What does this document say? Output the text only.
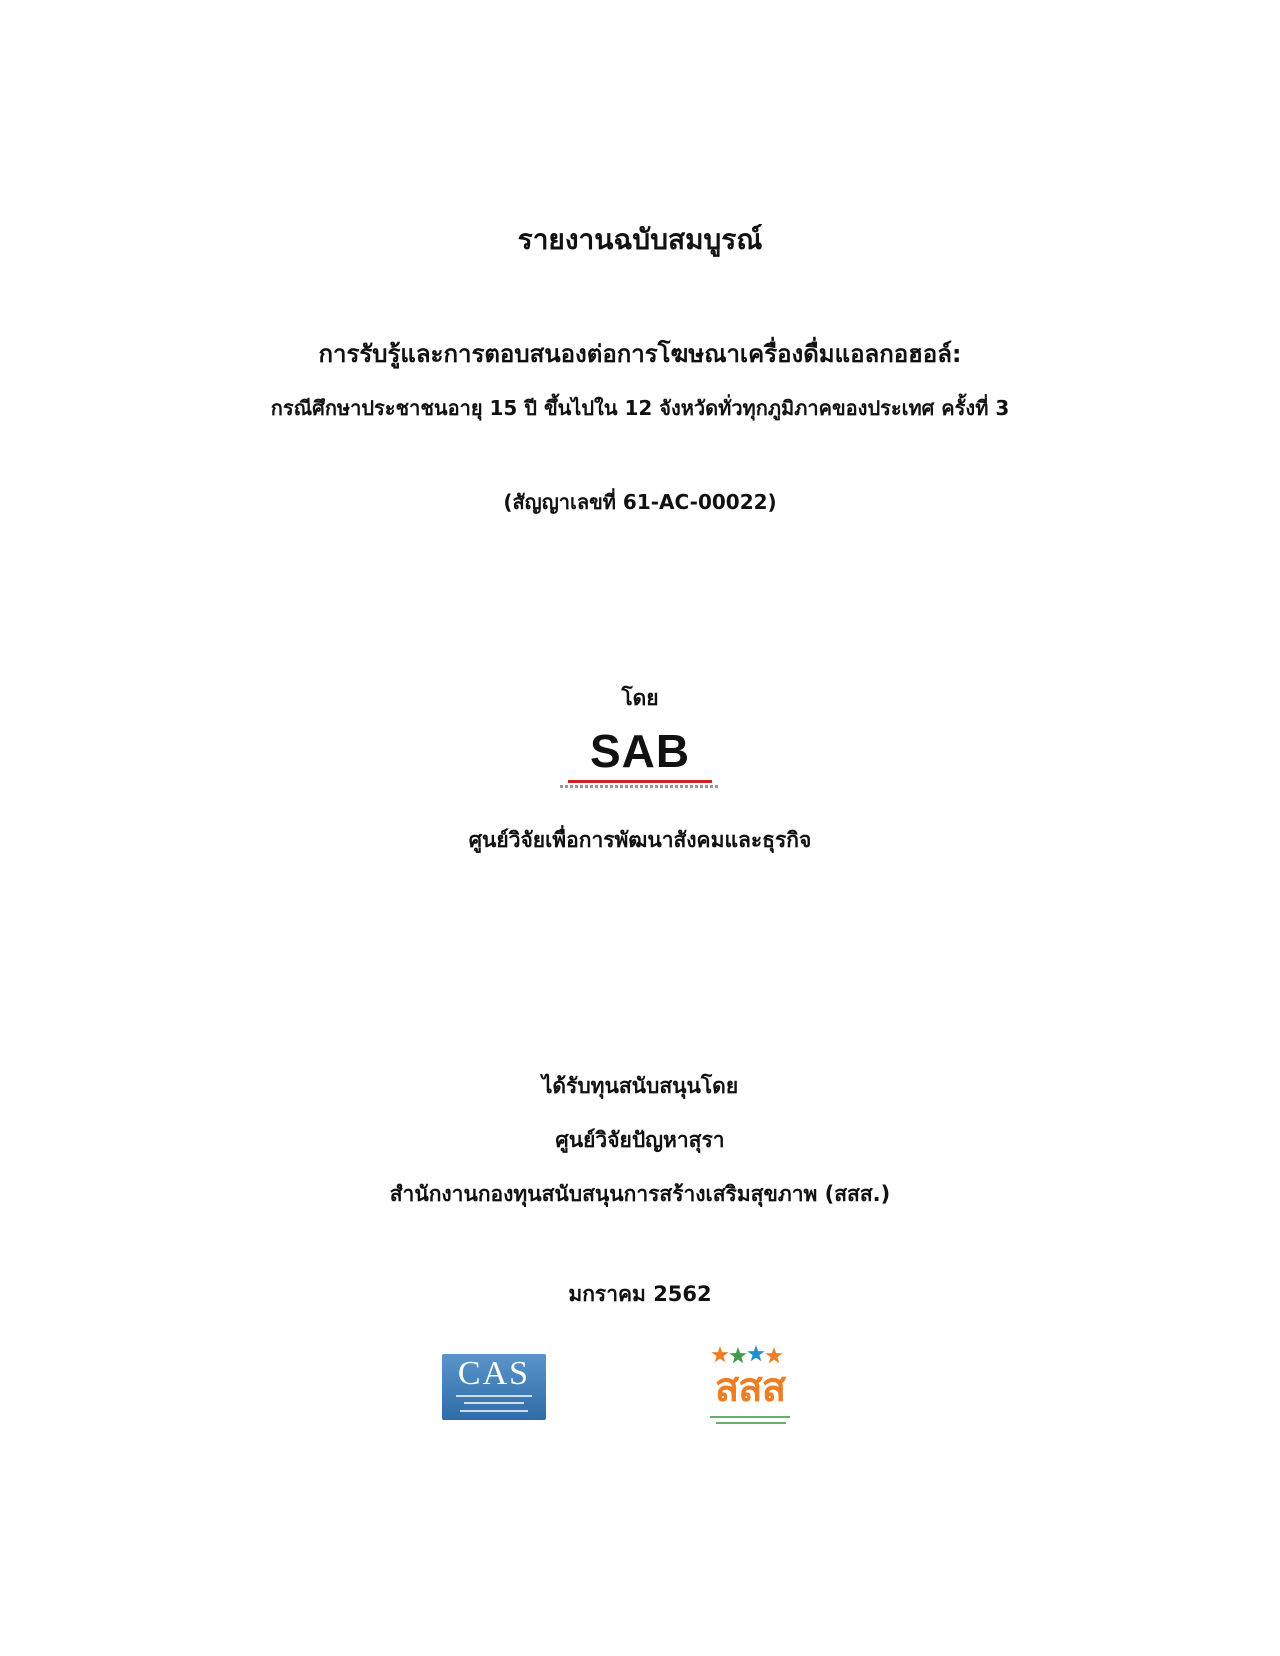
รายงานฉบับสมบูรณ์
การรับรู้และการตอบสนองต่อการโฆษณาเครื่องดื่มแอลกอฮอล์:
กรณีศึกษาประชาชนอายุ 15 ปี ขึ้นไปใน 12 จังหวัดทั่วทุกภูมิภาคของประเทศ ครั้งที่ 3
(สัญญาเลขที่ 61-AC-00022)
โดย
SAB
ศูนย์วิจัยเพื่อการพัฒนาสังคมและธุรกิจ
ได้รับทุนสนับสนุนโดย
ศูนย์วิจัยปัญหาสุรา
สำนักงานกองทุนสนับสนุนการสร้างเสริมสุขภาพ (สสส.)
มกราคม 2562
CAS	สสส
